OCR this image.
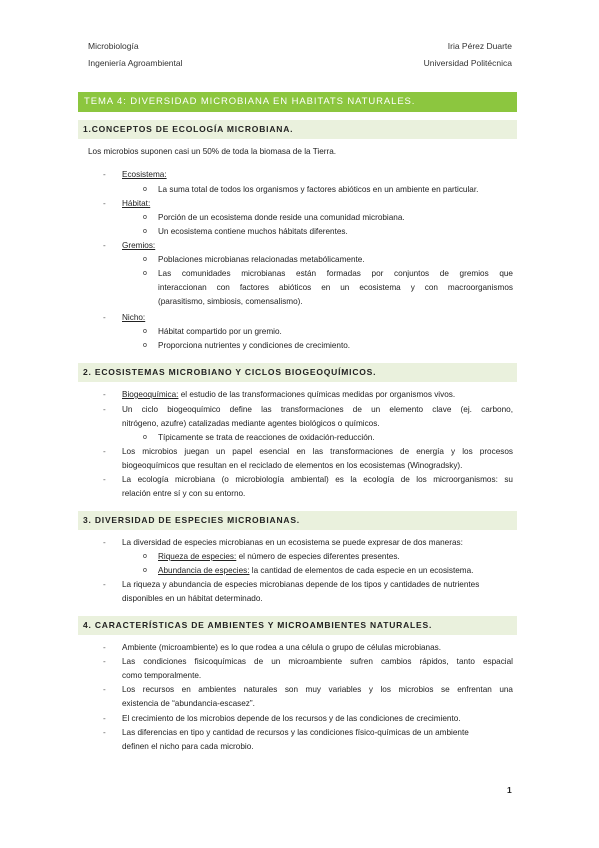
Microbiología
Ingeniería Agroambiental
Iria Pérez Duarte
Universidad Politécnica
TEMA 4: DIVERSIDAD MICROBIANA EN HABITATS NATURALES.
1.CONCEPTOS DE ECOLOGÍA MICROBIANA.
Los microbios suponen casi un 50% de toda la biomasa de la Tierra.
- Ecosistema:
o La suma total de todos los organismos y factores abióticos en un ambiente en particular.
- Hábitat:
o Porción de un ecosistema donde reside una comunidad microbiana.
o Un ecosistema contiene muchos hábitats diferentes.
- Gremios:
o Poblaciones microbianas relacionadas metabólicamente.
o Las comunidades microbianas están formadas por conjuntos de gremios que
interaccionan con factores abióticos en un ecosistema y con macroorganismos
(parasitismo, simbiosis, comensalismo).
- Nicho:
o Hábitat compartido por un gremio.
o Proporciona nutrientes y condiciones de crecimiento.
2. ECOSISTEMAS MICROBIANO Y CICLOS BIOGEOQUÍMICOS.
- Biogeoquímica: el estudio de las transformaciones químicas medidas por organismos vivos.
- Un ciclo biogeoquímico define las transformaciones de un elemento clave (ej. carbono,
nitrógeno, azufre) catalizadas mediante agentes biológicos o químicos.
o Típicamente se trata de reacciones de oxidación-reducción.
- Los microbios juegan un papel esencial en las transformaciones de energía y los procesos
biogeoquímicos que resultan en el reciclado de elementos en los ecosistemas (Winogradsky).
- La ecología microbiana (o microbiología ambiental) es la ecología de los microorganismos: su
relación entre sí y con su entorno.
3. DIVERSIDAD DE ESPECIES MICROBIANAS.
- La diversidad de especies microbianas en un ecosistema se puede expresar de dos maneras:
o Riqueza de especies: el número de especies diferentes presentes.
o Abundancia de especies: la cantidad de elementos de cada especie en un ecosistema.
- La riqueza y abundancia de especies microbianas depende de los tipos y cantidades de nutrientes
disponibles en un hábitat determinado.
4. CARACTERÍSTICAS DE AMBIENTES Y MICROAMBIENTES NATURALES.
- Ambiente (microambiente) es lo que rodea a una célula o grupo de células microbianas.
- Las condiciones fisicoquímicas de un microambiente sufren cambios rápidos, tanto espacial
como temporalmente.
- Los recursos en ambientes naturales son muy variables y los microbios se enfrentan una
existencia de “abundancia-escasez”.
- El crecimiento de los microbios depende de los recursos y de las condiciones de crecimiento.
- Las diferencias en tipo y cantidad de recursos y las condiciones físico-químicas de un ambiente
definen el nicho para cada microbio.
1
